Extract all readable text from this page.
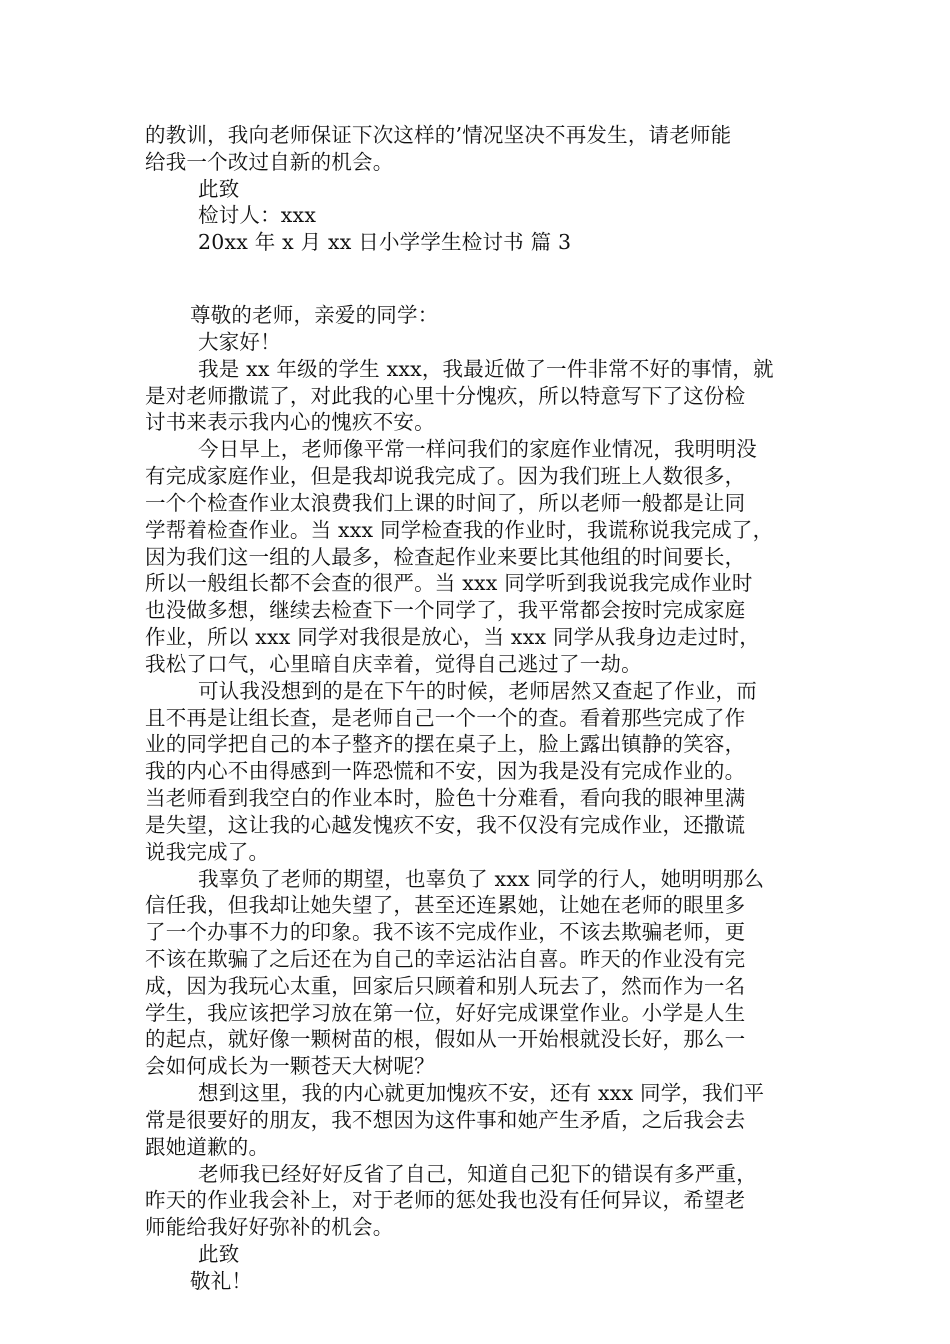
的教训，我向老师保证下次这样的’情况坚决不再发生，请老师能
给我一个改过自新的机会。
此致
检讨人：xxx
20xx 年 x 月 xx 日小学学生检讨书 篇 3
尊敬的老师，亲爱的同学：
大家好！
我是 xx 年级的学生 xxx，我最近做了一件非常不好的事情，就
是对老师撒谎了，对此我的心里十分愧疚，所以特意写下了这份检
讨书来表示我内心的愧疚不安。
今日早上，老师像平常一样问我们的家庭作业情况，我明明没
有完成家庭作业，但是我却说我完成了。因为我们班上人数很多，
一个个检查作业太浪费我们上课的时间了，所以老师一般都是让同
学帮着检查作业。当 xxx 同学检查我的作业时，我谎称说我完成了，
因为我们这一组的人最多，检查起作业来要比其他组的时间要长，
所以一般组长都不会查的很严。当 xxx 同学听到我说我完成作业时
也没做多想，继续去检查下一个同学了，我平常都会按时完成家庭
作业，所以 xxx 同学对我很是放心，当 xxx 同学从我身边走过时，
我松了口气，心里暗自庆幸着，觉得自己逃过了一劫。
可认我没想到的是在下午的时候，老师居然又查起了作业，而
且不再是让组长查，是老师自己一个一个的查。看着那些完成了作
业的同学把自己的本子整齐的摆在桌子上，脸上露出镇静的笑容，
我的内心不由得感到一阵恐慌和不安，因为我是没有完成作业的。
当老师看到我空白的作业本时，脸色十分难看，看向我的眼神里满
是失望，这让我的心越发愧疚不安，我不仅没有完成作业，还撒谎
说我完成了。
我辜负了老师的期望，也辜负了 xxx 同学的行人，她明明那么
信任我，但我却让她失望了，甚至还连累她，让她在老师的眼里多
了一个办事不力的印象。我不该不完成作业，不该去欺骗老师，更
不该在欺骗了之后还在为自己的幸运沾沾自喜。昨天的作业没有完
成，因为我玩心太重，回家后只顾着和别人玩去了，然而作为一名
学生，我应该把学习放在第一位，好好完成课堂作业。小学是人生
的起点，就好像一颗树苗的根，假如从一开始根就没长好，那么一
会如何成长为一颗苍天大树呢？
想到这里，我的内心就更加愧疚不安，还有 xxx 同学，我们平
常是很要好的朋友，我不想因为这件事和她产生矛盾，之后我会去
跟她道歉的。
老师我已经好好反省了自己，知道自己犯下的错误有多严重，
昨天的作业我会补上，对于老师的惩处我也没有任何异议，希望老
师能给我好好弥补的机会。
此致
敬礼！
